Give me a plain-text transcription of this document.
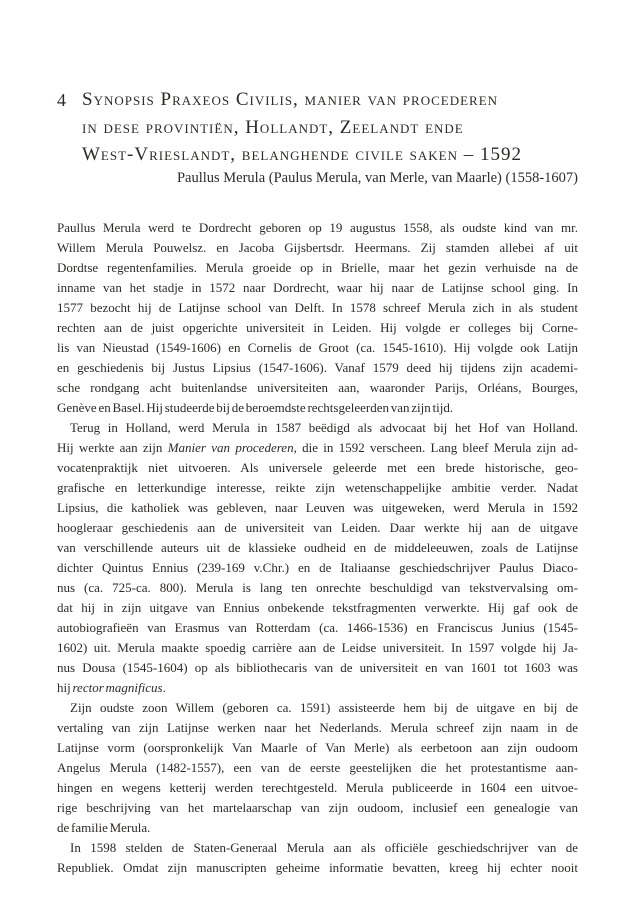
4 Synopsis Praxeos Civilis, manier van procederen
in dese provintiën, Hollandt, Zeelandt ende
West-Vrieslandt, belanghende civile saken – 1592
Paullus Merula (Paulus Merula, van Merle, van Maarle) (1558-1607)

Paullus Merula werd te Dordrecht geboren op 19 augustus 1558, als oudste kind van mr.
Willem Merula Pouwelsz. en Jacoba Gijsbertsdr. Heermans. Zij stamden allebei af uit
Dordtse regentenfamilies. Merula groeide op in Brielle, maar het gezin verhuisde na de
inname van het stadje in 1572 naar Dordrecht, waar hij naar de Latijnse school ging. In
1577 bezocht hij de Latijnse school van Delft. In 1578 schreef Merula zich in als student
rechten aan de juist opgerichte universiteit in Leiden. Hij volgde er colleges bij Corne-
lis van Nieustad (1549-1606) en Cornelis de Groot (ca. 1545-1610). Hij volgde ook Latijn
en geschiedenis bij Justus Lipsius (1547-1606). Vanaf 1579 deed hij tijdens zijn academi-
sche rondgang acht buitenlandse universiteiten aan, waaronder Parijs, Orléans, Bourges,
Genève en Basel. Hij studeerde bij de beroemdste rechtsgeleerden van zijn tijd.

Terug in Holland, werd Merula in 1587 beëdigd als advocaat bij het Hof van Holland.
Hij werkte aan zijn Manier van procederen, die in 1592 verscheen. Lang bleef Merula zijn ad-
vocatenpraktijk niet uitvoeren. Als universele geleerde met een brede historische, geo-
grafische en letterkundige interesse, reikte zijn wetenschappelijke ambitie verder. Nadat
Lipsius, die katholiek was gebleven, naar Leuven was uitgeweken, werd Merula in 1592
hoogleraar geschiedenis aan de universiteit van Leiden. Daar werkte hij aan de uitgave
van verschillende auteurs uit de klassieke oudheid en de middeleeuwen, zoals de Latijnse
dichter Quintus Ennius (239-169 v.Chr.) en de Italiaanse geschiedschrijver Paulus Diaco-
nus (ca. 725-ca. 800). Merula is lang ten onrechte beschuldigd van tekstvervalsing om-
dat hij in zijn uitgave van Ennius onbekende tekstfragmenten verwerkte. Hij gaf ook de
autobiografieën van Erasmus van Rotterdam (ca. 1466-1536) en Franciscus Junius (1545-
1602) uit. Merula maakte spoedig carrière aan de Leidse universiteit. In 1597 volgde hij Ja-
nus Dousa (1545-1604) op als bibliothecaris van de universiteit en van 1601 tot 1603 was
hij rector magnificus.

Zijn oudste zoon Willem (geboren ca. 1591) assisteerde hem bij de uitgave en bij de
vertaling van zijn Latijnse werken naar het Nederlands. Merula schreef zijn naam in de
Latijnse vorm (oorspronkelijk Van Maarle of Van Merle) als eerbetoon aan zijn oudoom
Angelus Merula (1482-1557), een van de eerste geestelijken die het protestantisme aan-
hingen en wegens ketterij werden terechtgesteld. Merula publiceerde in 1604 een uitvoe-
rige beschrijving van het martelaarschap van zijn oudoom, inclusief een genealogie van
de familie Merula.

In 1598 stelden de Staten-Generaal Merula aan als officiële geschiedschrijver van de
Republiek. Omdat zijn manuscripten geheime informatie bevatten, kreeg hij echter nooit
